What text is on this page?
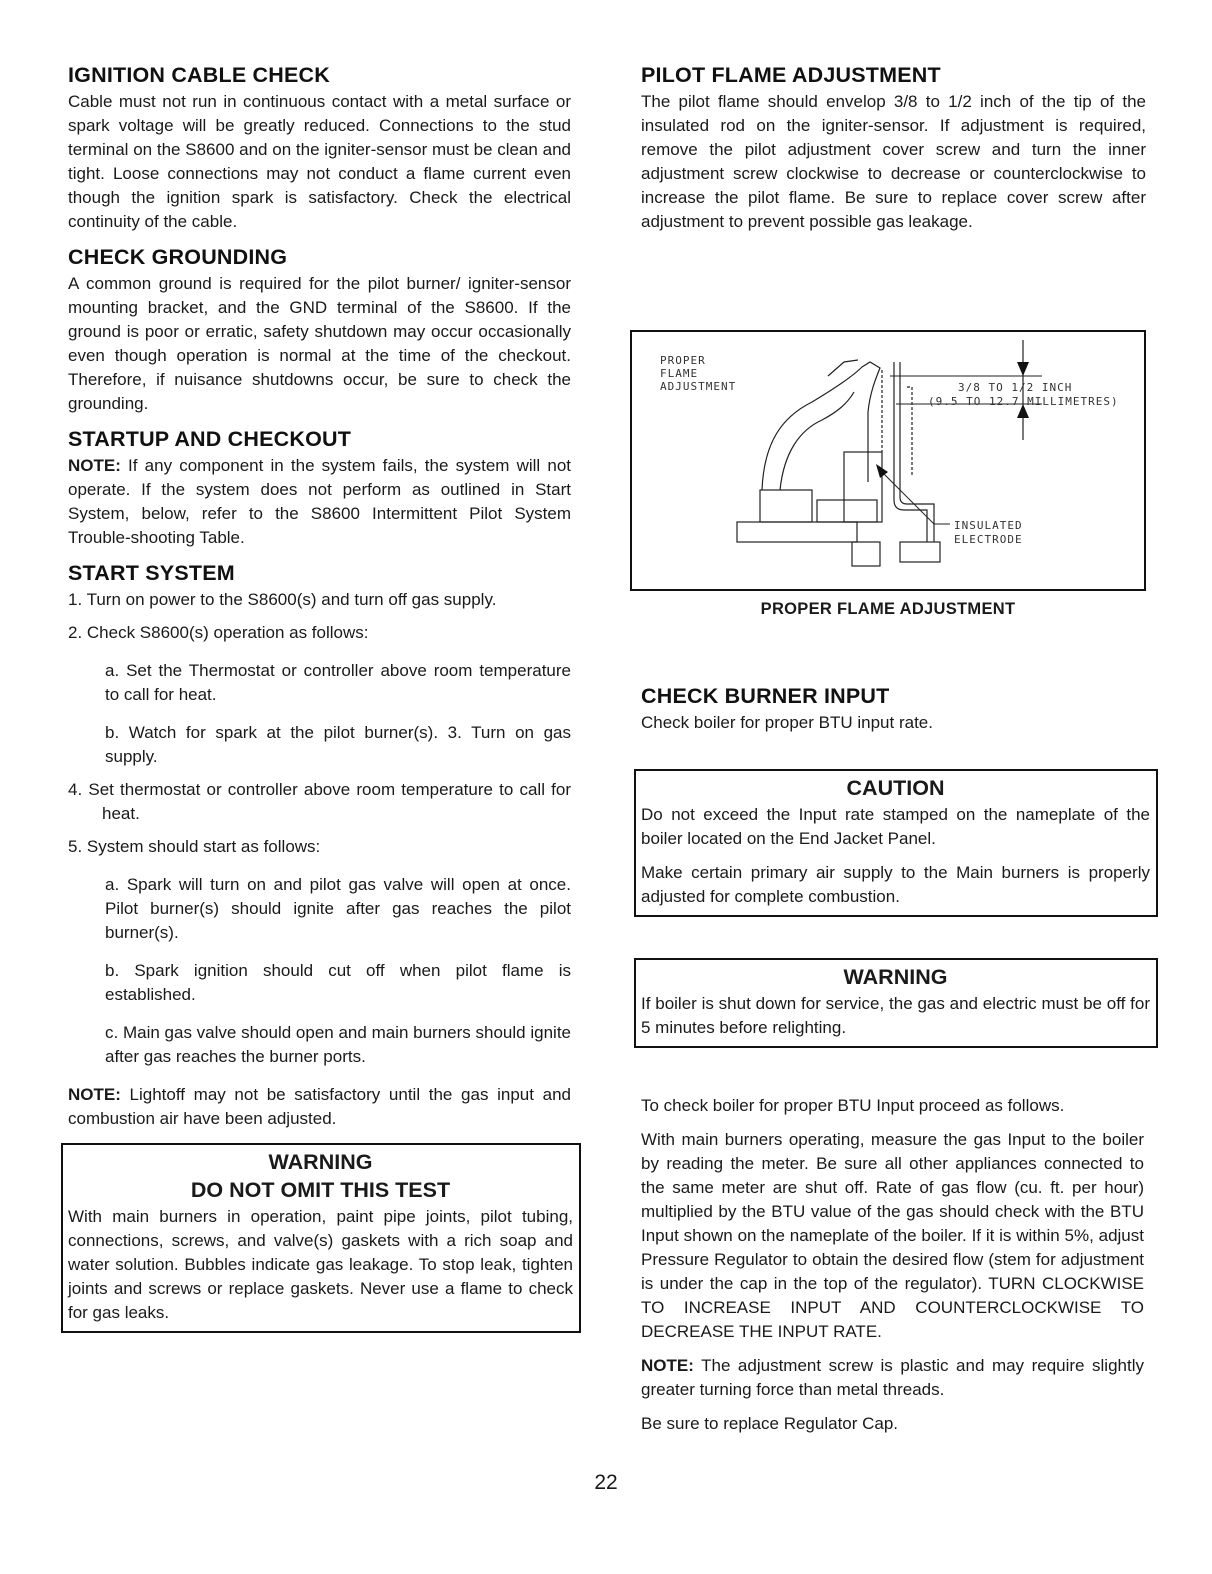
IGNITION CABLE CHECK

Cable must not run in continuous contact with a metal surface or spark voltage will be greatly reduced. Connections to the stud terminal on the S8600 and on the igniter-sensor must be clean and tight. Loose connections may not conduct a flame current even though the ignition spark is satisfactory. Check the electrical continuity of the cable.

CHECK GROUNDING

A common ground is required for the pilot burner/ igniter-sensor mounting bracket, and the GND terminal of the S8600. If the ground is poor or erratic, safety shutdown may occur occasionally even though operation is normal at the time of the checkout. Therefore, if nuisance shutdowns occur, be sure to check the grounding.

STARTUP AND CHECKOUT

NOTE: If any component in the system fails, the system will not operate. If the system does not perform as outlined in Start System, below, refer to the S8600 Intermittent Pilot System Trouble-shooting Table.

START SYSTEM
1. Turn on power to the S8600(s) and turn off gas supply.
2. Check S8600(s) operation as follows:
a. Set the Thermostat or controller above room temperature to call for heat.
b. Watch for spark at the pilot burner(s). 3. Turn on gas supply.
4. Set thermostat or controller above room temperature to call for heat.
5. System should start as follows:
a. Spark will turn on and pilot gas valve will open at once. Pilot burner(s) should ignite after gas reaches the pilot burner(s).
b. Spark ignition should cut off when pilot flame is established.
c. Main gas valve should open and main burners should ignite after gas reaches the burner ports.

NOTE: Lightoff may not be satisfactory until the gas input and combustion air have been adjusted.

WARNING
DO NOT OMIT THIS TEST

With main burners in operation, paint pipe joints, pilot tubing, connections, screws, and valve(s) gaskets with a rich soap and water solution. Bubbles indicate gas leakage. To stop leak, tighten joints and screws or replace gaskets. Never use a flame to check for gas leaks.

PILOT FLAME ADJUSTMENT

The pilot flame should envelop 3/8 to 1/2 inch of the tip of the insulated rod on the igniter-sensor. If adjustment is required, remove the pilot adjustment cover screw and turn the inner adjustment screw clockwise to decrease or counterclockwise to increase the pilot flame. Be sure to replace cover screw after adjustment to prevent possible gas leakage.

PROPER
FLAME
ADJUSTMENT	3/8 TO 1/2 INCH
(9.5 TO 12.7 MILLIMETRES)
INSULATED
ELECTRODE
PROPER FLAME ADJUSTMENT
CHECK BURNER INPUT

Check boiler for proper BTU input rate.

CAUTION

Do not exceed the Input rate stamped on the nameplate of the boiler located on the End Jacket Panel.

Make certain primary air supply to the Main burners is properly adjusted for complete combustion.

WARNING

If boiler is shut down for service, the gas and electric must be off for 5 minutes before relighting.

To check boiler for proper BTU Input proceed as follows.

With main burners operating, measure the gas Input to the boiler by reading the meter. Be sure all other appliances connected to the same meter are shut off. Rate of gas flow (cu. ft. per hour) multiplied by the BTU value of the gas should check with the BTU Input shown on the nameplate of the boiler. If it is within 5%, adjust Pressure Regulator to obtain the desired flow (stem for adjustment is under the cap in the top of the regulator). TURN CLOCKWISE TO INCREASE INPUT AND COUNTERCLOCKWISE TO DECREASE THE INPUT RATE.

NOTE: The adjustment screw is plastic and may require slightly greater turning force than metal threads.

Be sure to replace Regulator Cap.

22
